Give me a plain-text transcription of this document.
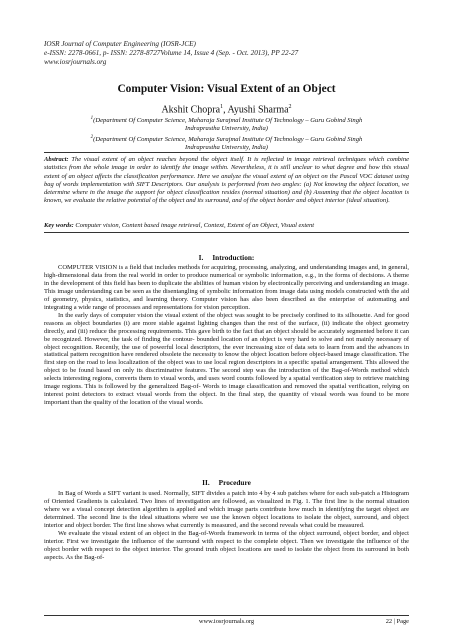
IOSR Journal of Computer Engineering (IOSR-JCE)
e-ISSN: 2278-0661, p- ISSN: 2278-8727Volume 14, Issue 4 (Sep. - Oct. 2013), PP 22-27
www.iosrjournals.org
Computer Vision: Visual Extent of an Object
Akshit Chopra$^1$, Ayushi Sharma$^2$
$^1$(Department Of Computer Science, Maharaja Surajmal Institute Of Technology – Guru Gobind Singh
Indraprastha University, India)
$^2$(Department Of Computer Science, Maharaja Surajmal Institute Of Technology – Guru Gobind Singh
Indraprastha University, India)
Abstract: The visual extent of an object reaches beyond the object itself. It is reflected in image retrieval techniques which combine statistics from the whole image in order to identify the image within. Nevertheless, it is still unclear to what degree and how this visual extent of an object affects the classification performance. Here we analyze the visual extent of an object on the Pascal VOC dataset using bag of words implementation with SIFT Descriptors. Our analysis is performed from two angles: (a) Not knowing the object location, we determine where in the image the support for object classification resides (normal situation) and (b) Assuming that the object location is known, we evaluate the relative potential of the object and its surround, and of the object border and object interior (ideal situation).
Key words: Computer vision, Content based image retrieval, Context, Extent of an Object, Visual extent
I. Introduction:

COMPUTER VISION is a field that includes methods for acquiring, processing, analyzing, and understanding images and, in general, high-dimensional data from the real world in order to produce numerical or symbolic information, e.g., in the forms of decisions. A theme in the development of this field has been to duplicate the abilities of human vision by electronically perceiving and understanding an image. This image understanding can be seen as the disentangling of symbolic information from image data using models constructed with the aid of geometry, physics, statistics, and learning theory. Computer vision has also been described as the enterprise of automating and integrating a wide range of processes and representations for vision perception.

In the early days of computer vision the visual extent of the object was sought to be precisely confined to its silhouette. And for good reasons as object boundaries (i) are more stable against lighting changes than the rest of the surface, (ii) indicate the object geometry directly, and (iii) reduce the processing requirements. This gave birth to the fact that an object should be accurately segmented before it can be recognized. However, the task of finding the contour- bounded location of an object is very hard to solve and not mainly necessary of object recognition. Recently, the use of powerful local descriptors, the ever increasing size of data sets to learn from and the advances in statistical pattern recognition have rendered obsolete the necessity to know the object location before object-based image classification. The first step on the road to less localization of the object was to use local region descriptors in a specific spatial arrangement. This allowed the object to be found based on only its discriminative features. The second step was the introduction of the Bag-of-Words method which selects interesting regions, converts them to visual words, and uses word counts followed by a spatial verification step to retrieve matching image regions. This is followed by the generalized Bag-of- Words to image classification and removed the spatial verification, relying on interest point detectors to extract visual words from the object. In the final step, the quantity of visual words was found to be more important than the quality of the location of the visual words.

II. Procedure

In Bag of Words a SIFT variant is used. Normally, SIFT divides a patch into 4 by 4 sub patches where for each sub-patch a Histogram of Oriented Gradients is calculated. Two lines of investigation are followed, as visualized in Fig. 1. The first line is the normal situation where we a visual concept detection algorithm is applied and which image parts contribute how much in identifying the target object are determined. The second line is the ideal situations where we use the known object locations to isolate the object, surround, and object interior and object border. The first line shows what currently is measured, and the second reveals what could be measured.

We evaluate the visual extent of an object in the Bag-of-Words framework in terms of the object surround, object border, and object interior. First we investigate the influence of the surround with respect to the complete object. Then we investigate the influence of the object border with respect to the object interior. The ground truth object locations are used to isolate the object from its surround in both aspects. As the Bag-of-

www.iosrjournals.org	22 | Page
